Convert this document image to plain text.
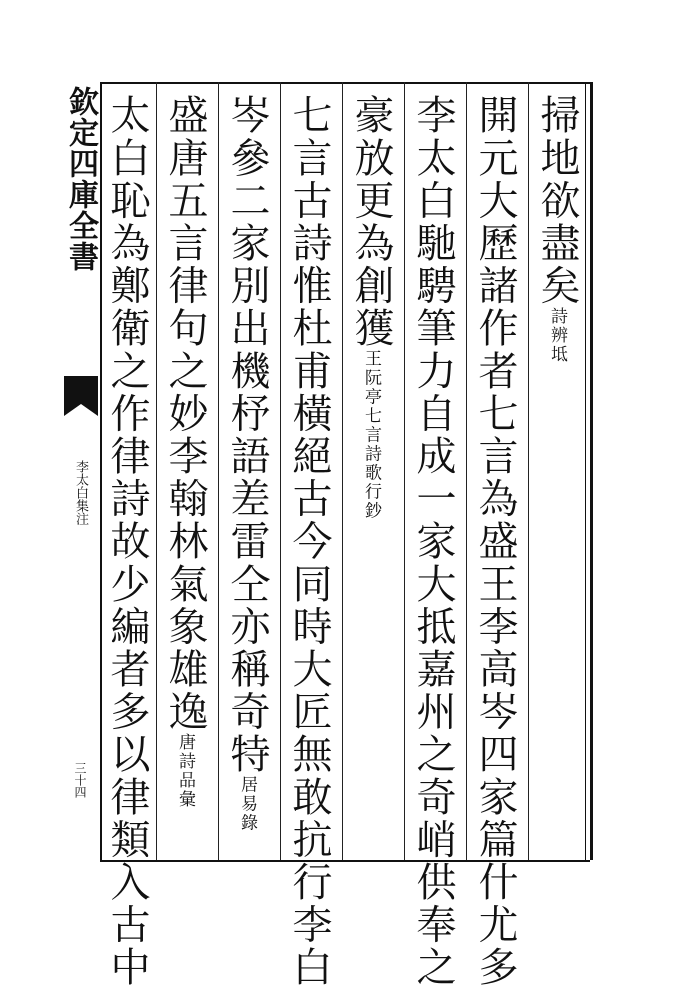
欽定四庫全書
李太白集注
三十四
掃地欲盡矣詩辨坻
開元大歷諸作者七言為盛王李高岑四家篇什尤多
李太白馳騁筆力自成一家大抵嘉州之奇峭供奉之
豪放更為創獲王阮亭七言詩歌行鈔
七言古詩惟杜甫橫絕古今同時大匠無敢抗行李白
岑參二家別出機杼語差雷仝亦稱奇特居易錄
盛唐五言律句之妙李翰林氣象雄逸唐詩品彙
太白恥為鄭衛之作律詩故少編者多以律類入古中
